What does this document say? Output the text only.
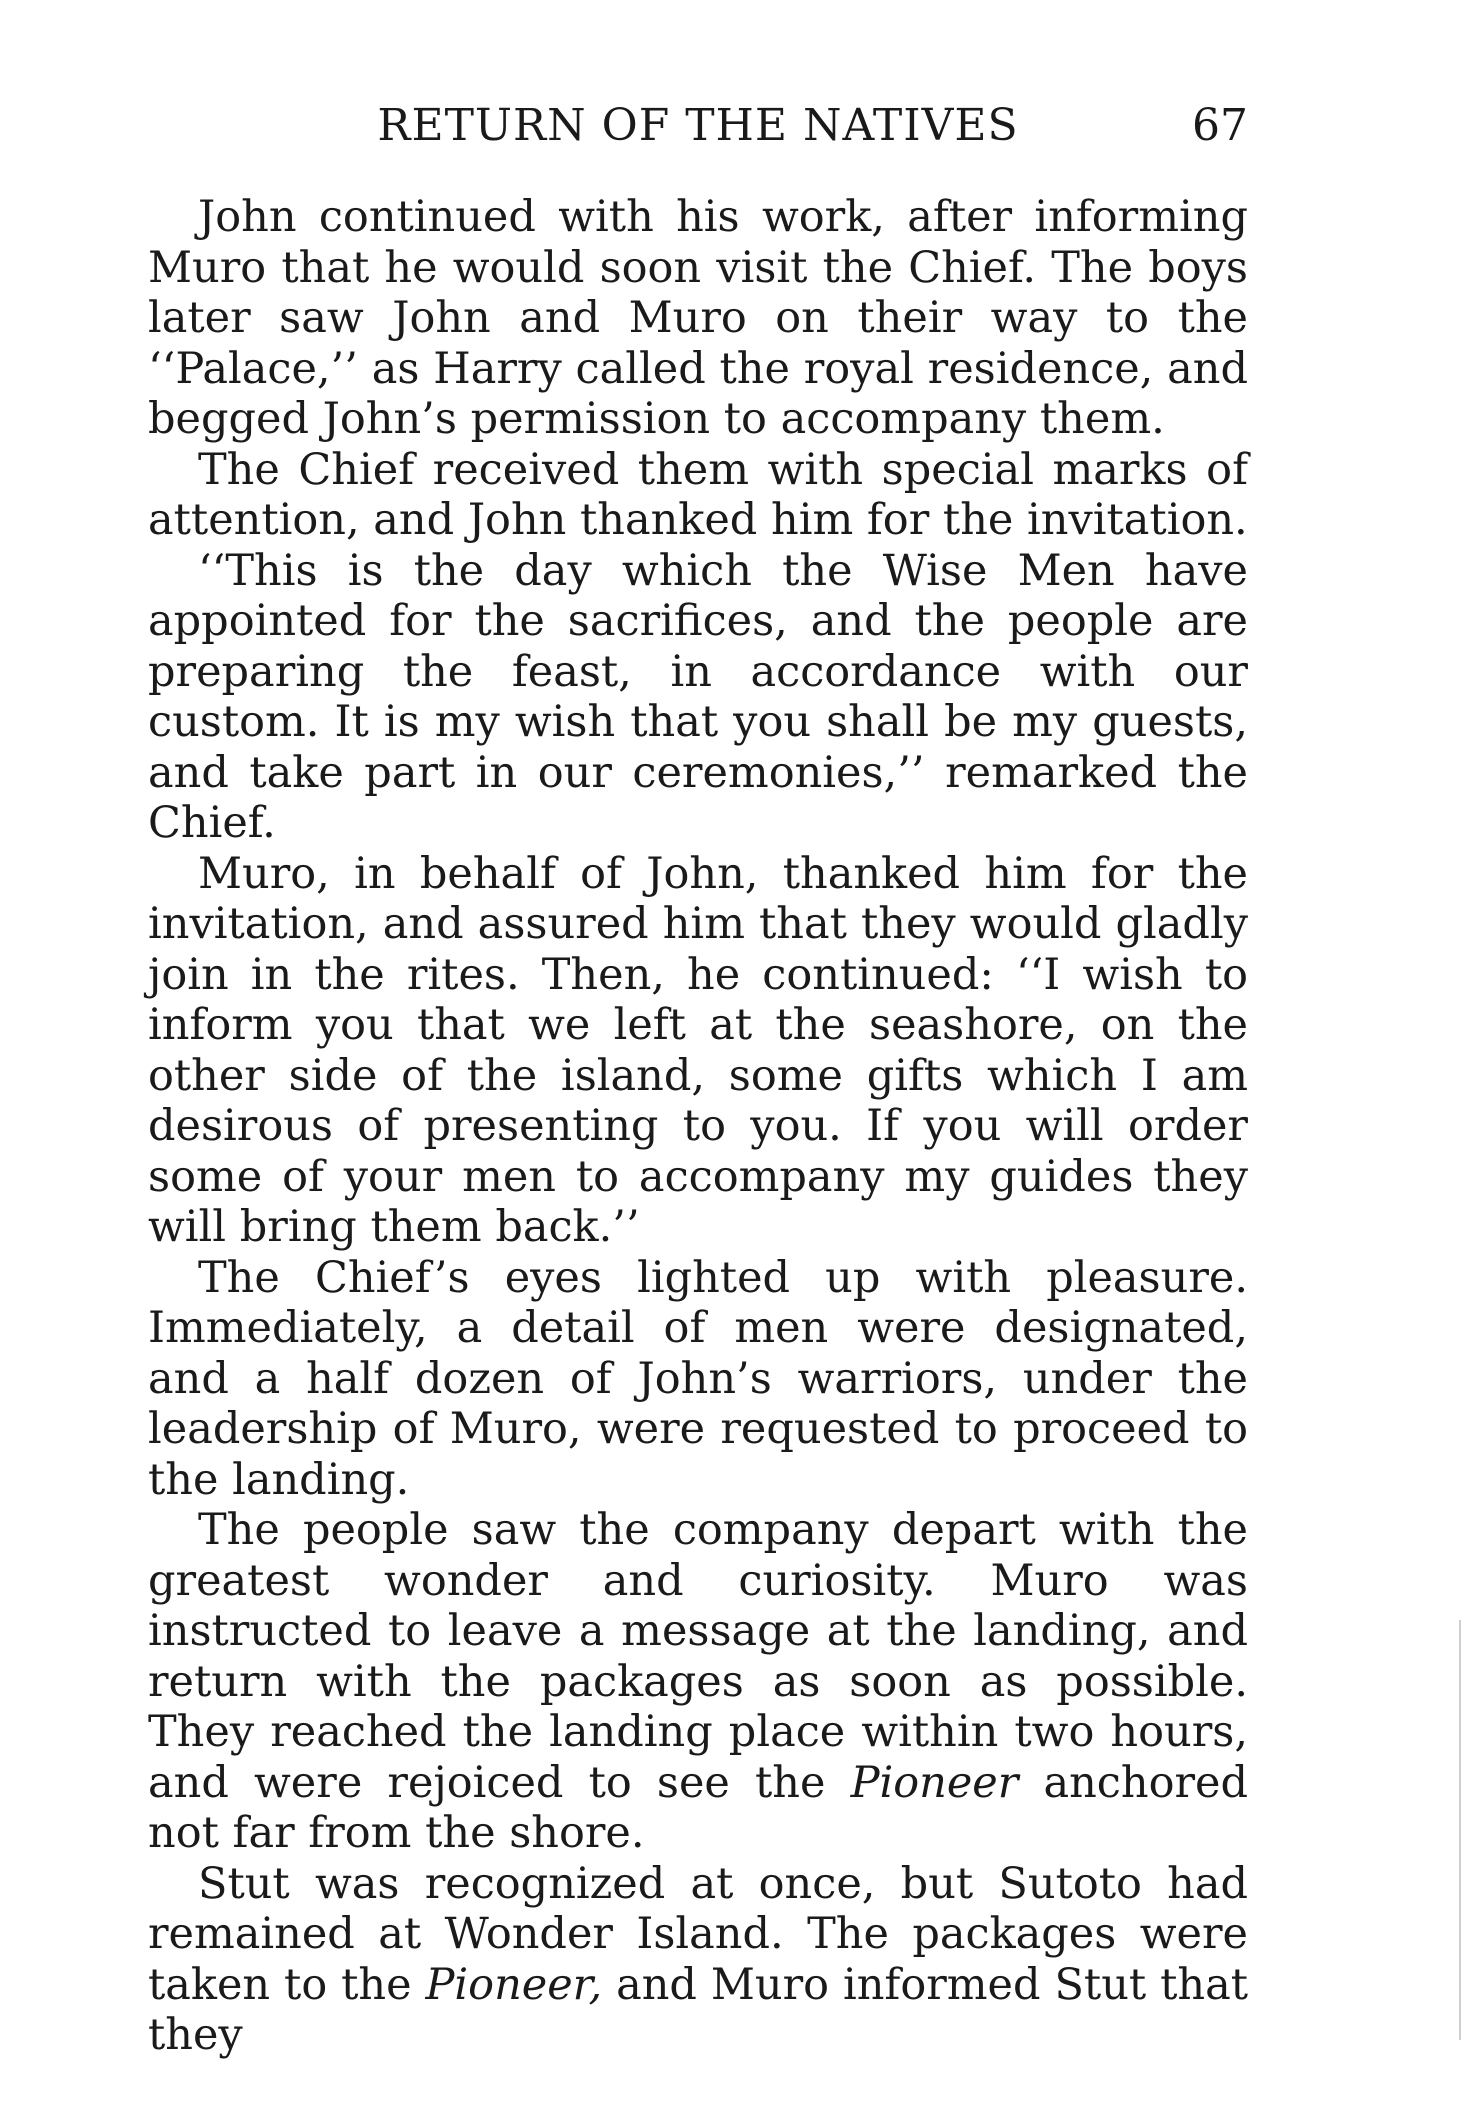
RETURN OF THE NATIVES	67

John continued with his work, after informing Muro that he would soon visit the Chief. The boys later saw John and Muro on their way to the ‘‘Palace,’’ as Harry called the royal residence, and begged John’s permission to accompany them.

The Chief received them with special marks of attention, and John thanked him for the invitation.

‘‘This is the day which the Wise Men have appointed for the sacrifices, and the people are preparing the feast, in accordance with our custom. It is my wish that you shall be my guests, and take part in our ceremonies,’’ remarked the Chief.

Muro, in behalf of John, thanked him for the invitation, and assured him that they would gladly join in the rites. Then, he continued: ‘‘I wish to inform you that we left at the seashore, on the other side of the island, some gifts which I am desirous of presenting to you. If you will order some of your men to accompany my guides they will bring them back.’’

The Chief’s eyes lighted up with pleasure. Immediately, a detail of men were designated, and a half dozen of John’s warriors, under the leadership of Muro, were requested to proceed to the landing.

The people saw the company depart with the greatest wonder and curiosity. Muro was instructed to leave a message at the landing, and return with the packages as soon as possible. They reached the landing place within two hours, and were rejoiced to see the Pioneer anchored not far from the shore.

Stut was recognized at once, but Sutoto had remained at Wonder Island. The packages were taken to the Pioneer, and Muro informed Stut that they
